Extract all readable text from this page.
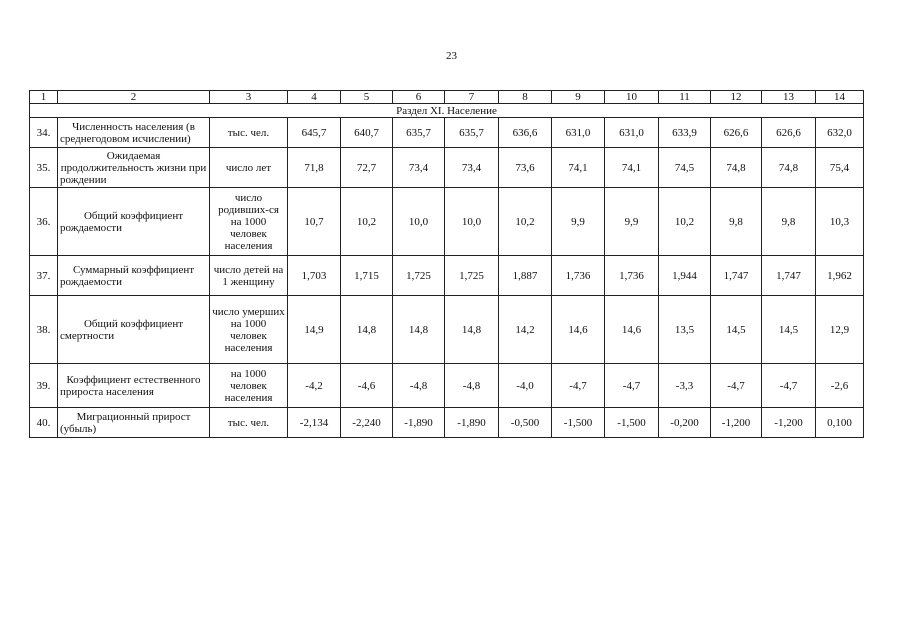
23
1	2	3	4	5	6	7	8	9	10	11	12	13	14
Раздел XI. Население													
34.	Численность населения (в среднегодовом исчислении)	тыс. чел.	645,7	640,7	635,7	635,7	636,6	631,0	631,0	633,9	626,6	626,6	632,0
35.	Ожидаемая продолжительность жизни при рождении	число лет	71,8	72,7	73,4	73,4	73,6	74,1	74,1	74,5	74,8	74,8	75,4
36.	Общий коэффициент рождаемости	число родивших-ся на 1000 человек населения	10,7	10,2	10,0	10,0	10,2	9,9	9,9	10,2	9,8	9,8	10,3
37.	Суммарный коэффициент рождаемости	число детей на 1 женщину	1,703	1,715	1,725	1,725	1,887	1,736	1,736	1,944	1,747	1,747	1,962
38.	Общий коэффициент смертности	число умерших на 1000 человек населения	14,9	14,8	14,8	14,8	14,2	14,6	14,6	13,5	14,5	14,5	12,9
39.	Коэффициент естественного прироста населения	на 1000 человек населения	-4,2	-4,6	-4,8	-4,8	-4,0	-4,7	-4,7	-3,3	-4,7	-4,7	-2,6
40.	Миграционный прирост (убыль)	тыс. чел.	-2,134	-2,240	-1,890	-1,890	-0,500	-1,500	-1,500	-0,200	-1,200	-1,200	0,100
